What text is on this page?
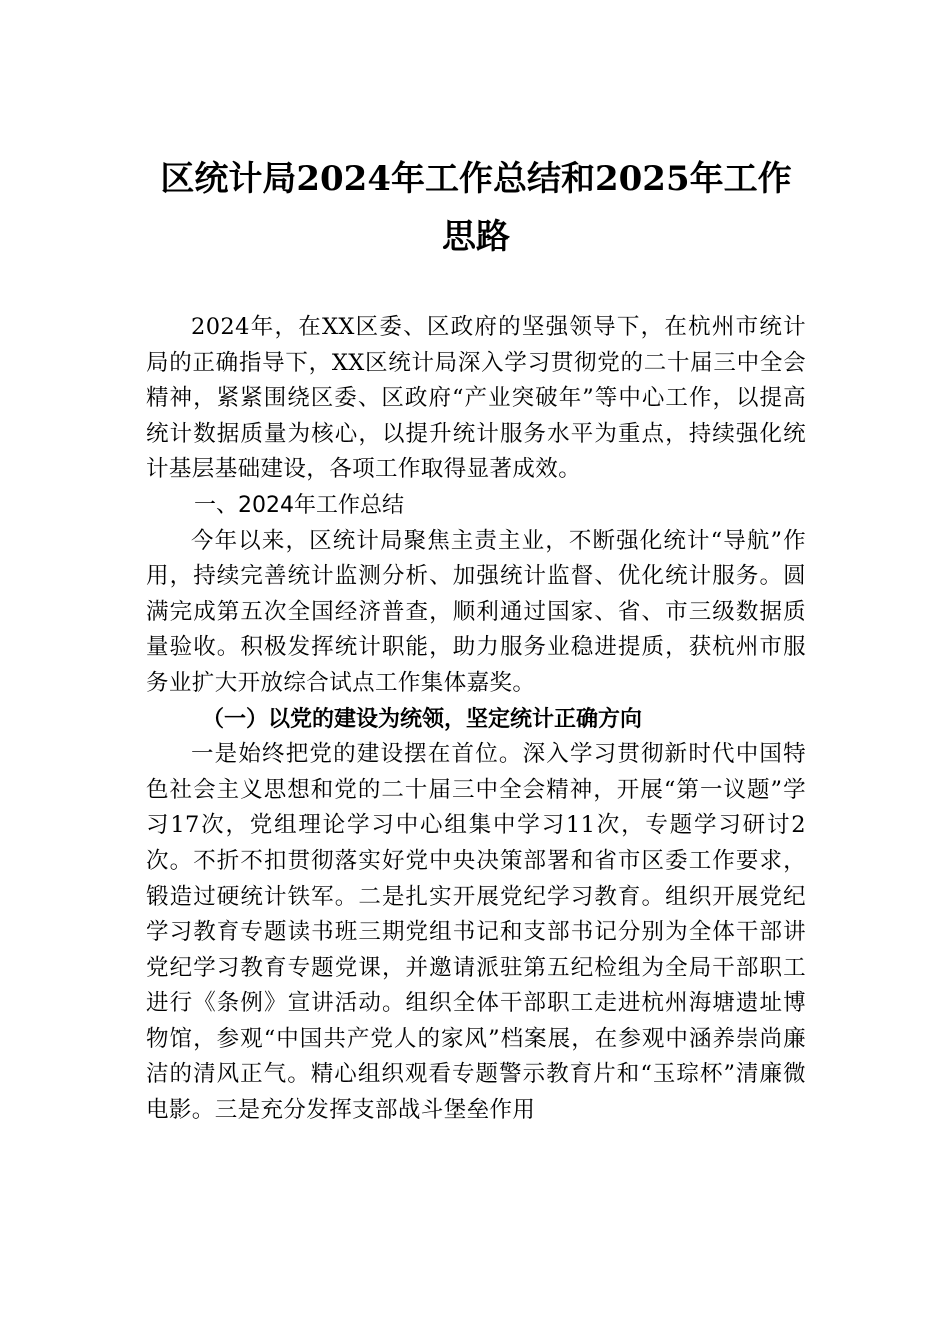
区统计局2024年工作总结和2025年工作思路

2024年，在XX区委、区政府的坚强领导下，在杭州市统计局的正确指导下，XX区统计局深入学习贯彻党的二十届三中全会精神，紧紧围绕区委、区政府“产业突破年”等中心工作，以提高统计数据质量为核心，以提升统计服务水平为重点，持续强化统计基层基础建设，各项工作取得显著成效。

一、2024年工作总结

今年以来，区统计局聚焦主责主业，不断强化统计“导航”作用，持续完善统计监测分析、加强统计监督、优化统计服务。圆满完成第五次全国经济普查，顺利通过国家、省、市三级数据质量验收。积极发挥统计职能，助力服务业稳进提质，获杭州市服务业扩大开放综合试点工作集体嘉奖。

（一）以党的建设为统领，坚定统计正确方向

一是始终把党的建设摆在首位。深入学习贯彻新时代中国特色社会主义思想和党的二十届三中全会精神，开展“第一议题”学习17次，党组理论学习中心组集中学习11次，专题学习研讨2次。不折不扣贯彻落实好党中央决策部署和省市区委工作要求，锻造过硬统计铁军。二是扎实开展党纪学习教育。组织开展党纪学习教育专题读书班三期党组书记和支部书记分别为全体干部讲党纪学习教育专题党课，并邀请派驻第五纪检组为全局干部职工进行《条例》宣讲活动。组织全体干部职工走进杭州海塘遗址博物馆，参观“中国共产党人的家风”档案展，在参观中涵养崇尚廉洁的清风正气。精心组织观看专题警示教育片和“玉琮杯”清廉微电影。三是充分发挥支部战斗堡垒作用
